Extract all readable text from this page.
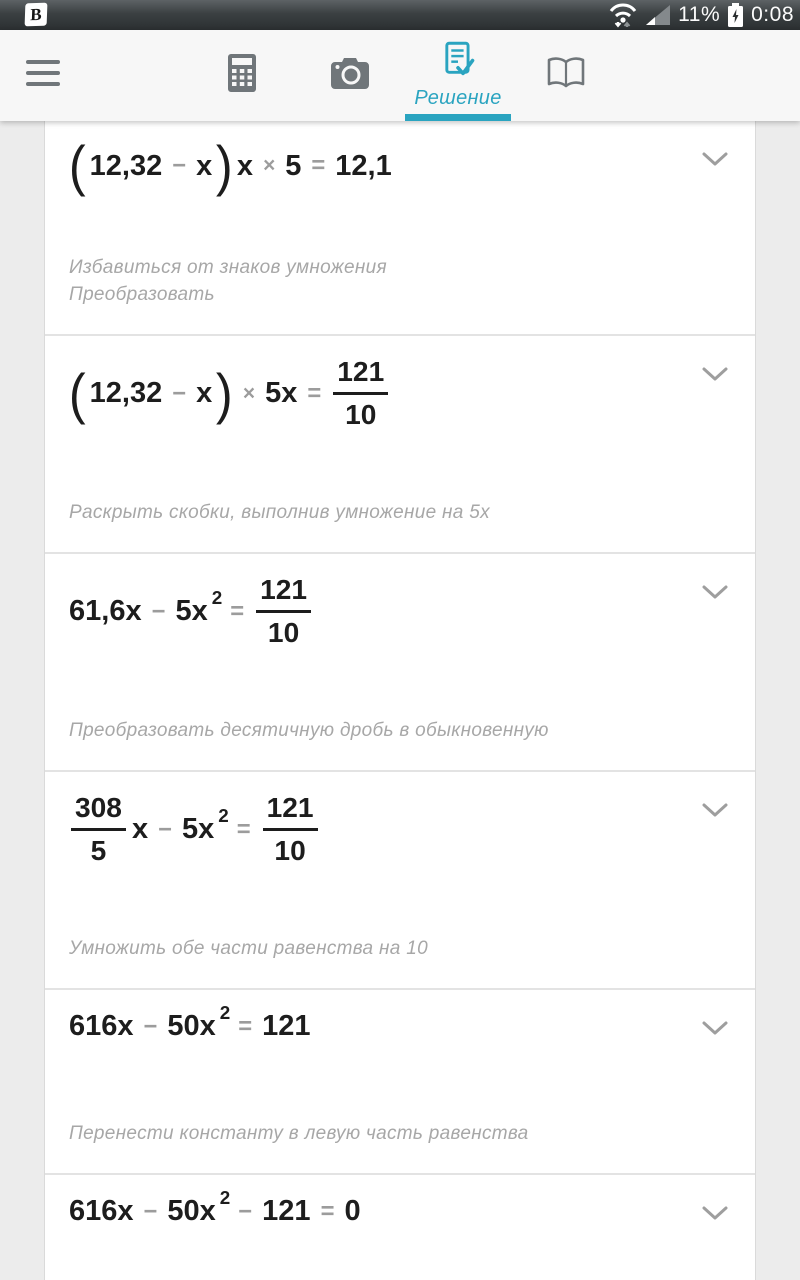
B	11% 0:08
Решение
( 12,32 − x ) x × 5 = 12,1
Избавиться от знаков умножения
Преобразовать
( 12,32 − x ) × $5x = \frac{121}{10}$
Раскрыть скобки, выполнив умножение на 5x
61,6x − 5x 2
= $\frac{121}{10}$
Преобразовать десятичную дробь в обыкновенную
$\frac{308}{5}$ x − 5x 2
= $\frac{121}{10}$
Умножить обе части равенства на 10
616x − 50x 2
= 121
Перенести константу в левую часть равенства
616x − 50x 2
− 121 = 0
